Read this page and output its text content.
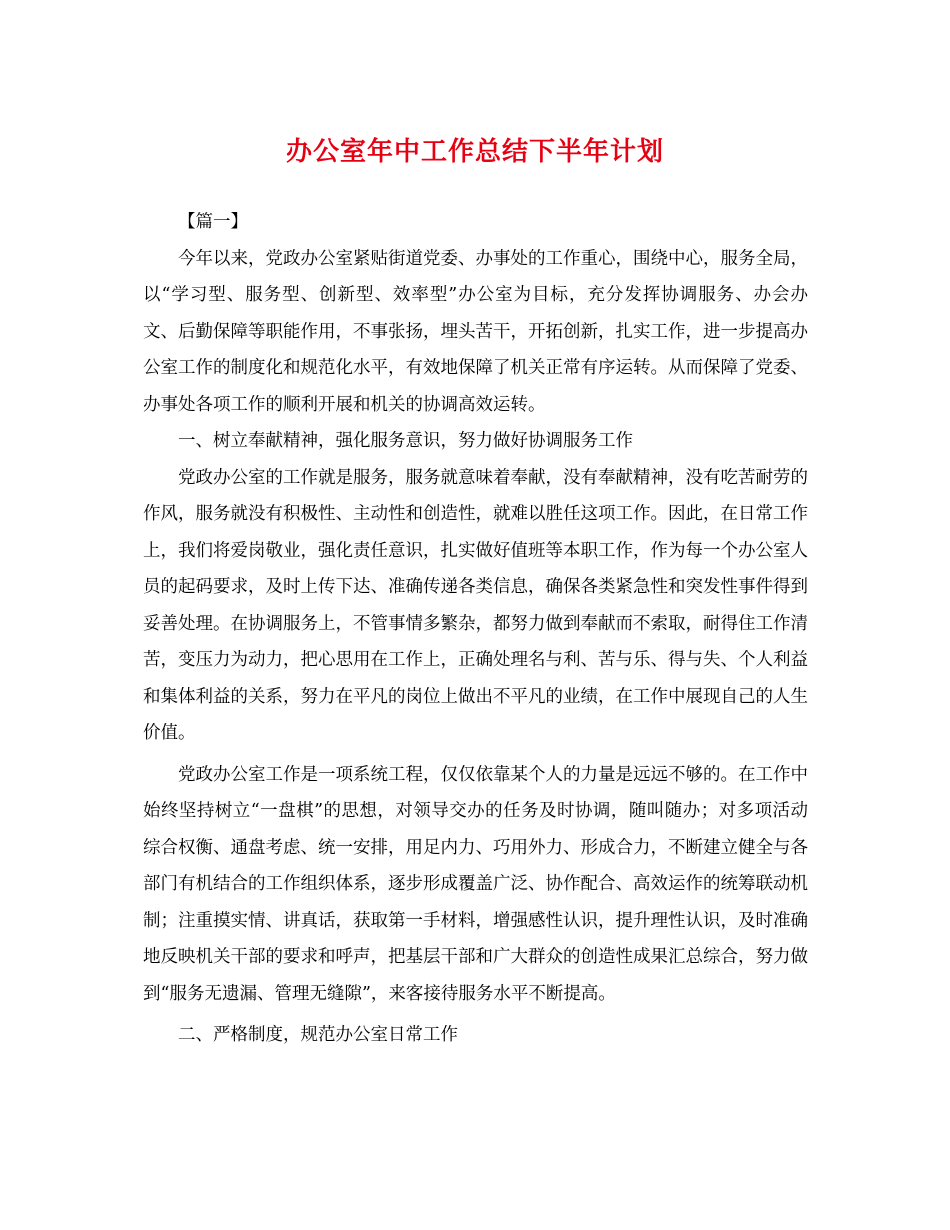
办公室年中工作总结下半年计划

【篇一】

今年以来，党政办公室紧贴街道党委、办事处的工作重心，围绕中心，服务全局，以“学习型、服务型、创新型、效率型”办公室为目标，充分发挥协调服务、办会办文、后勤保障等职能作用，不事张扬，埋头苦干，开拓创新，扎实工作，进一步提高办公室工作的制度化和规范化水平，有效地保障了机关正常有序运转。从而保障了党委、办事处各项工作的顺利开展和机关的协调高效运转。

一、树立奉献精神，强化服务意识，努力做好协调服务工作

党政办公室的工作就是服务，服务就意味着奉献，没有奉献精神，没有吃苦耐劳的作风，服务就没有积极性、主动性和创造性，就难以胜任这项工作。因此，在日常工作上，我们将爱岗敬业，强化责任意识，扎实做好值班等本职工作，作为每一个办公室人员的起码要求，及时上传下达、准确传递各类信息，确保各类紧急性和突发性事件得到妥善处理。在协调服务上，不管事情多繁杂，都努力做到奉献而不索取，耐得住工作清苦，变压力为动力，把心思用在工作上，正确处理名与利、苦与乐、得与失、个人利益和集体利益的关系，努力在平凡的岗位上做出不平凡的业绩，在工作中展现自己的人生价值。

党政办公室工作是一项系统工程，仅仅依靠某个人的力量是远远不够的。在工作中始终坚持树立“一盘棋”的思想，对领导交办的任务及时协调，随叫随办；对多项活动综合权衡、通盘考虑、统一安排，用足内力、巧用外力、形成合力，不断建立健全与各部门有机结合的工作组织体系，逐步形成覆盖广泛、协作配合、高效运作的统筹联动机制；注重摸实情、讲真话，获取第一手材料，增强感性认识，提升理性认识，及时准确地反映机关干部的要求和呼声，把基层干部和广大群众的创造性成果汇总综合，努力做到“服务无遗漏、管理无缝隙”，来客接待服务水平不断提高。

二、严格制度，规范办公室日常工作
